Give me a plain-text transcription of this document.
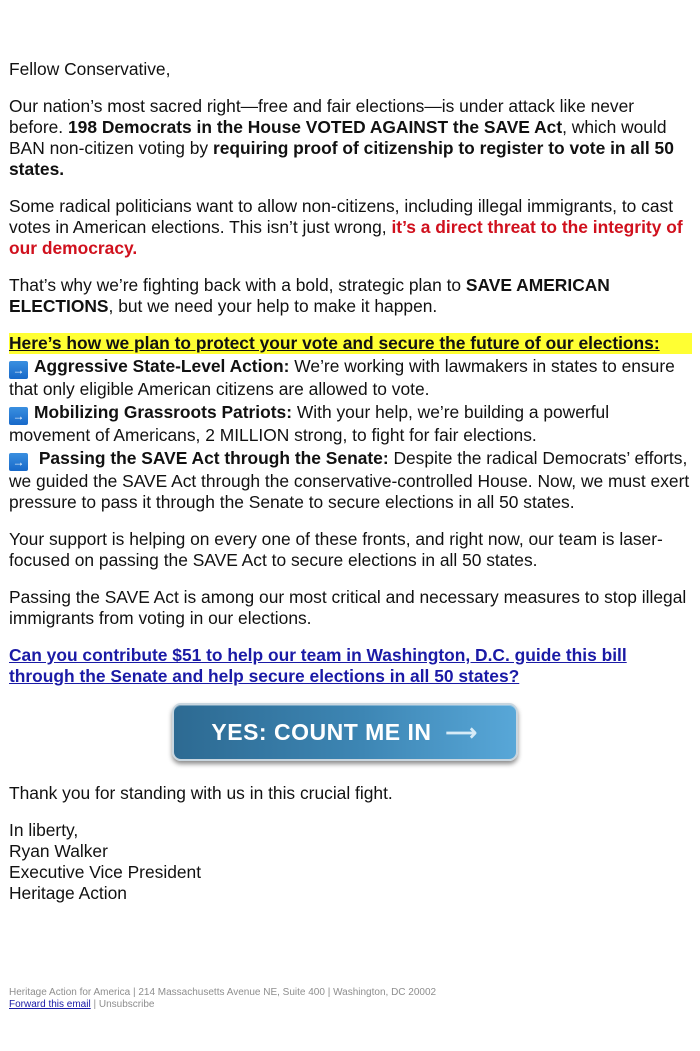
Fellow Conservative,

Our nation’s most sacred right—free and fair elections—is under attack like never before. 198 Democrats in the House VOTED AGAINST the SAVE Act, which would BAN non-citizen voting by requiring proof of citizenship to register to vote in all 50 states.

Some radical politicians want to allow non-citizens, including illegal immigrants, to cast votes in American elections. This isn’t just wrong, it’s a direct threat to the integrity of our democracy.

That’s why we’re fighting back with a bold, strategic plan to SAVE AMERICAN ELECTIONS, but we need your help to make it happen.

Here’s how we plan to protect your vote and secure the future of our elections:
→ Aggressive State-Level Action: We’re working with lawmakers in states to ensure that only eligible American citizens are allowed to vote.
→ Mobilizing Grassroots Patriots: With your help, we’re building a powerful movement of Americans, 2 MILLION strong, to fight for fair elections.
→ Passing the SAVE Act through the Senate: Despite the radical Democrats’ efforts, we guided the SAVE Act through the conservative-controlled House. Now, we must exert pressure to pass it through the Senate to secure elections in all 50 states.

Your support is helping on every one of these fronts, and right now, our team is laser-focused on passing the SAVE Act to secure elections in all 50 states.

Passing the SAVE Act is among our most critical and necessary measures to stop illegal immigrants from voting in our elections.

Can you contribute $51 to help our team in Washington, D.C. guide this bill through the Senate and help secure elections in all 50 states?

YES: COUNT ME IN ⟶

Thank you for standing with us in this crucial fight.

In liberty,
Ryan Walker
Executive Vice President
Heritage Action

Heritage Action for America | 214 Massachusetts Avenue NE, Suite 400 | Washington, DC 20002
Forward this email | Unsubscribe
